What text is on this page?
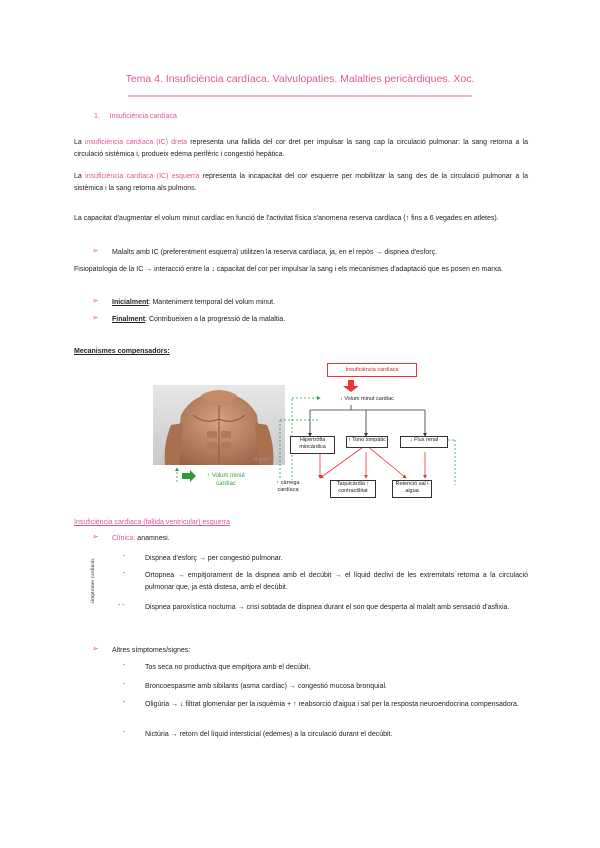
Tema 4. Insuficiència cardíaca. Valvulopaties. Malalties pericàrdiques. Xoc.
1. Insuficiència cardíaca
La insuficiència cardíaca (IC) dreta representa una fallida del cor dret per impulsar la sang cap la circulació pulmonar: la sang retorna a la circulació sistèmica i, produeix edema perifèric i congestió hepàtica.
La insuficiència cardíaca (IC) esquerra representa la incapacitat del cor esquerre per mobilitzar la sang des de la circulació pulmonar a la sistèmica i la sang retorna als pulmons.
La capacitat d'augmentar el volum minut cardíac en funció de l'activitat física s'anomena reserva cardíaca (↑ fins a 6 vegades en atletes).
➢ Malalts amb IC (preferentment esquerra) utilitzen la reserva cardíaca, ja, en el repòs → dispnea d'esforç.
Fisiopatologia de la IC → interacció entre la ↓ capacitat del cor per impulsar la sang i els mecanismes d'adaptació que es posen en marxa.
➢ Inicialment: Manteniment temporal del volum minut.
➢ Finalment: Contribueixen a la progressió de la malaltia.
Mecanismes compensadors:
Muscle
Insuficiència cardíaca
↓ Volum minut cardíac
Hipertròfia miocàrdica
↑ Tono simpàtic	↓ Flux renal
↑ càrrega cardíaca
Taquicàrdia ↑ contractilitat
Retenció sal i aigua
↑ Volum minut cardíac
Insuficiència cardíaca (fallida ventricular) esquerra
➢ Clínica: anamnesi.
símptomes cardinals
-	Dispnea d'esforç → per congestió pulmonar.
-	Ortopnea → empitjorament de la dispnea amb el decúbit → el líquid declivi de les extremitats retorna a la circulació pulmonar que, ja està distesa, amb el decúbit.
- -	Dispnea paroxística nocturna → crisi sobtada de dispnea durant el son que desperta al malalt amb sensació d'asfixia.
➢ Altres símptomes/signes:
-	Tos seca no productiva que empitjora amb el decúbit.
-	Broncoespasme amb sibilants (asma cardíac) → congestió mucosa bronquial.
-	Oligúria → ↓ filtrat glomerular per la isquèmia + ↑ reabsorció d'aigua i sal per la resposta neuroendocrina compensadora.
-	Nictúria → retorn del líquid intersticial (edemes) a la circulació durant el decúbit.
